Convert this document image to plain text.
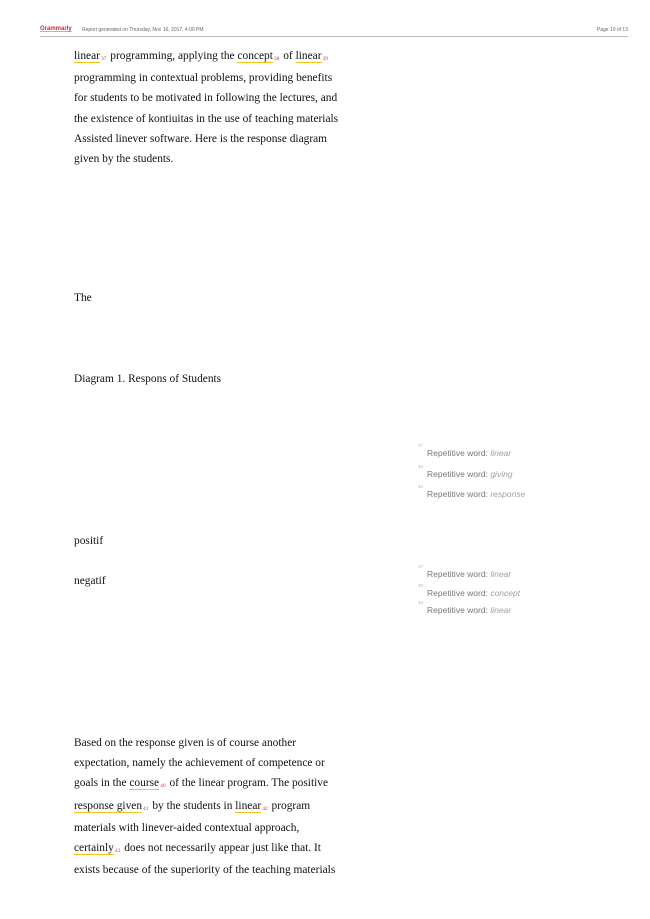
Grammarly Report generated on Thursday, Nov 16, 2017, 4:00 PM	Page 10 of 13
linear37 programming, applying the concept38 of linear39
programming in contextual problems, providing benefits
for students to be motivated in following the lectures, and
the existence of kontiuitas in the use of teaching materials
Assisted linever software. Here is the response diagram
given by the students.
The
Diagram 1. Respons of Students
positif
negatif
37
Repetitive word: linear
35
Repetitive word: giving
36
Repetitive word: response
37
Repetitive word: linear
38
Repetitive word: concept
39
Repetitive word: linear
Based on the response given is of course another
expectation, namely the achievement of competence or
goals in the course40 of the linear program. The positive
response given41 by the students in linear42 program
materials with linever-aided contextual approach,
certainly43 does not necessarily appear just like that. It
exists because of the superiority of the teaching materials
